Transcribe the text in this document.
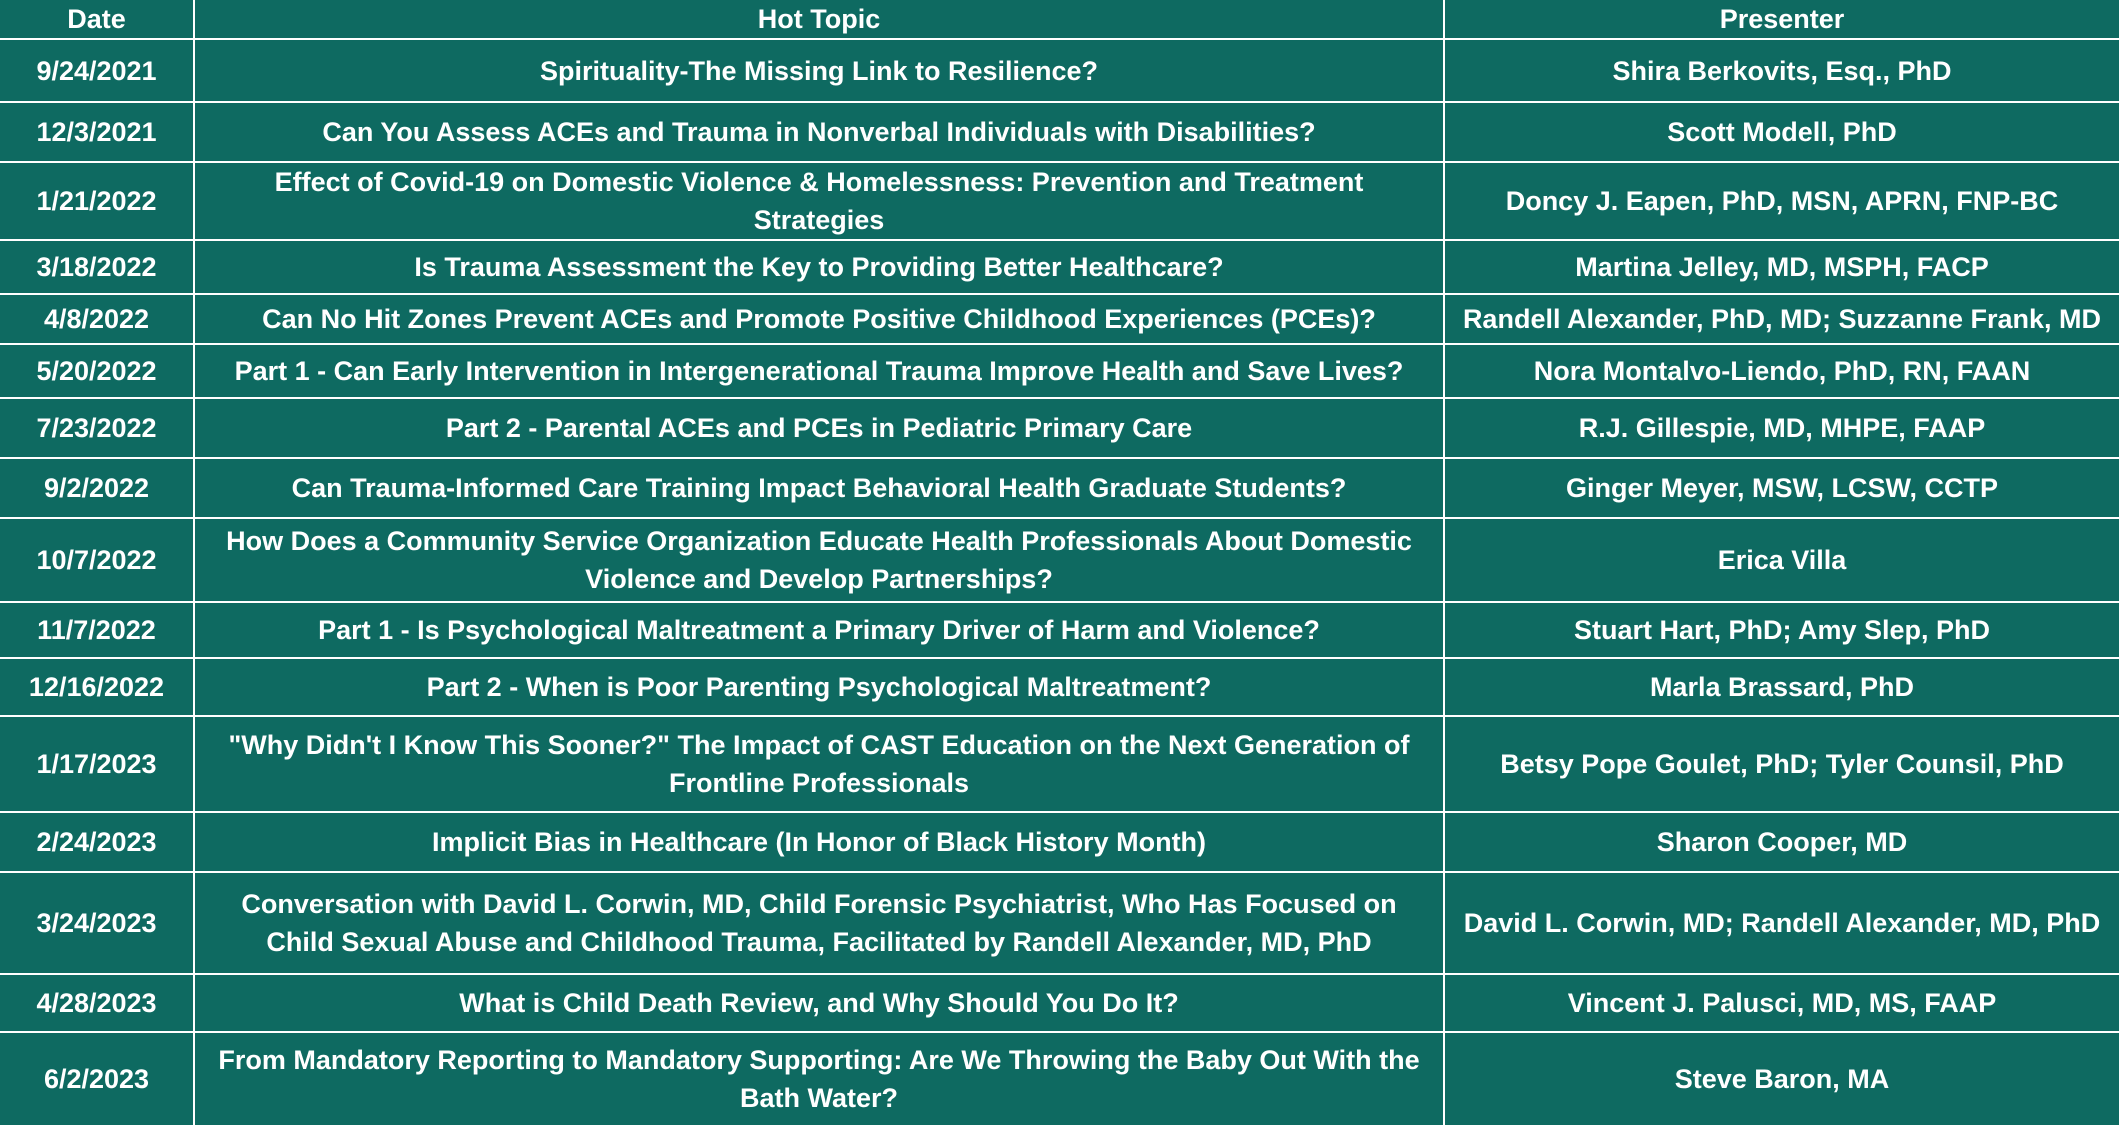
Date	Hot Topic	Presenter
9/24/2021	Spirituality-The Missing Link to Resilience?	Shira Berkovits, Esq., PhD
12/3/2021	Can You Assess ACEs and Trauma in Nonverbal Individuals with Disabilities?	Scott Modell, PhD
1/21/2022	Effect of Covid-19 on Domestic Violence & Homelessness: Prevention and Treatment Strategies	Doncy J. Eapen, PhD, MSN, APRN, FNP-BC
3/18/2022	Is Trauma Assessment the Key to Providing Better Healthcare?	Martina Jelley, MD, MSPH, FACP
4/8/2022	Can No Hit Zones Prevent ACEs and Promote Positive Childhood Experiences (PCEs)?	Randell Alexander, PhD, MD; Suzzanne Frank, MD
5/20/2022	Part 1 - Can Early Intervention in Intergenerational Trauma Improve Health and Save Lives?	Nora Montalvo-Liendo, PhD, RN, FAAN
7/23/2022	Part 2 - Parental ACEs and PCEs in Pediatric Primary Care	R.J. Gillespie, MD, MHPE, FAAP
9/2/2022	Can Trauma-Informed Care Training Impact Behavioral Health Graduate Students?	Ginger Meyer, MSW, LCSW, CCTP
10/7/2022	How Does a Community Service Organization Educate Health Professionals About Domestic Violence and Develop Partnerships?	Erica Villa
11/7/2022	Part 1 - Is Psychological Maltreatment a Primary Driver of Harm and Violence?	Stuart Hart, PhD; Amy Slep, PhD
12/16/2022	Part 2 - When is Poor Parenting Psychological Maltreatment?	Marla Brassard, PhD
1/17/2023	"Why Didn't I Know This Sooner?" The Impact of CAST Education on the Next Generation of Frontline Professionals	Betsy Pope Goulet, PhD; Tyler Counsil, PhD
2/24/2023	Implicit Bias in Healthcare (In Honor of Black History Month)	Sharon Cooper, MD
3/24/2023	Conversation with David L. Corwin, MD, Child Forensic Psychiatrist, Who Has Focused on Child Sexual Abuse and Childhood Trauma, Facilitated by Randell Alexander, MD, PhD	David L. Corwin, MD; Randell Alexander, MD, PhD
4/28/2023	What is Child Death Review, and Why Should You Do It?	Vincent J. Palusci, MD, MS, FAAP
6/2/2023	From Mandatory Reporting to Mandatory Supporting: Are We Throwing the Baby Out With the Bath Water?	Steve Baron, MA
